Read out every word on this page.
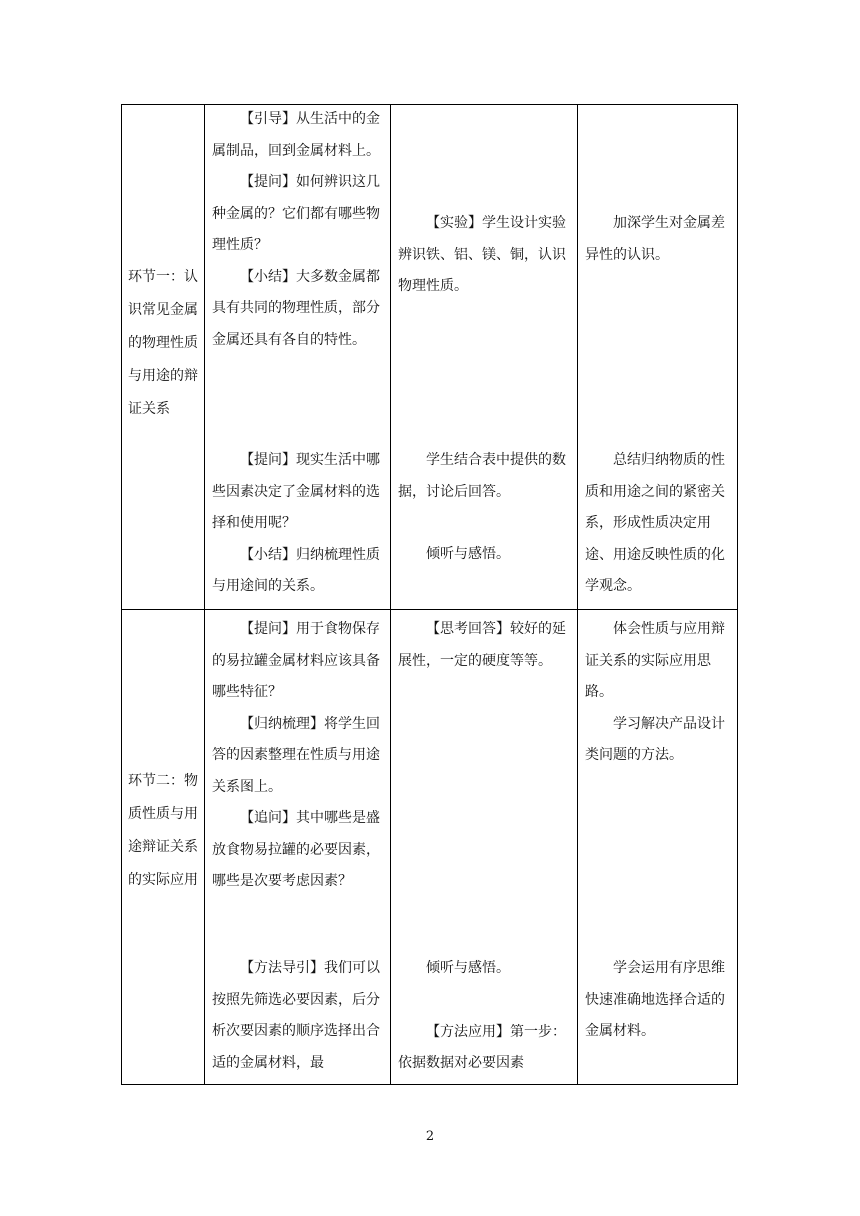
环节一：认识常见金属的物理性质与用途的辩证关系

【引导】从生活中的金属制品，回到金属材料上。

【提问】如何辨识这几种金属的？它们都有哪些物理性质？

【小结】大多数金属都具有共同的物理性质，部分金属还具有各自的特性。

【实验】学生设计实验辨识铁、铝、镁、铜，认识物理性质。

加深学生对金属差异性的认识。

【提问】现实生活中哪些因素决定了金属材料的选择和使用呢？

【小结】归纳梳理性质与用途间的关系。

学生结合表中提供的数据，讨论后回答。

倾听与感悟。

总结归纳物质的性质和用途之间的紧密关系，形成性质决定用途、用途反映性质的化学观念。

环节二：物质性质与用途辩证关系的实际应用

【提问】用于食物保存的易拉罐金属材料应该具备哪些特征？

【归纳梳理】将学生回答的因素整理在性质与用途关系图上。

【追问】其中哪些是盛放食物易拉罐的必要因素，哪些是次要考虑因素？

【思考回答】较好的延展性，一定的硬度等等。

体会性质与应用辩证关系的实际应用思路。

学习解决产品设计类问题的方法。

【方法导引】我们可以按照先筛选必要因素，后分析次要因素的顺序选择出合适的金属材料，最

倾听与感悟。

【方法应用】第一步：依据数据对必要因素

学会运用有序思维快速准确地选择合适的金属材料。

2
